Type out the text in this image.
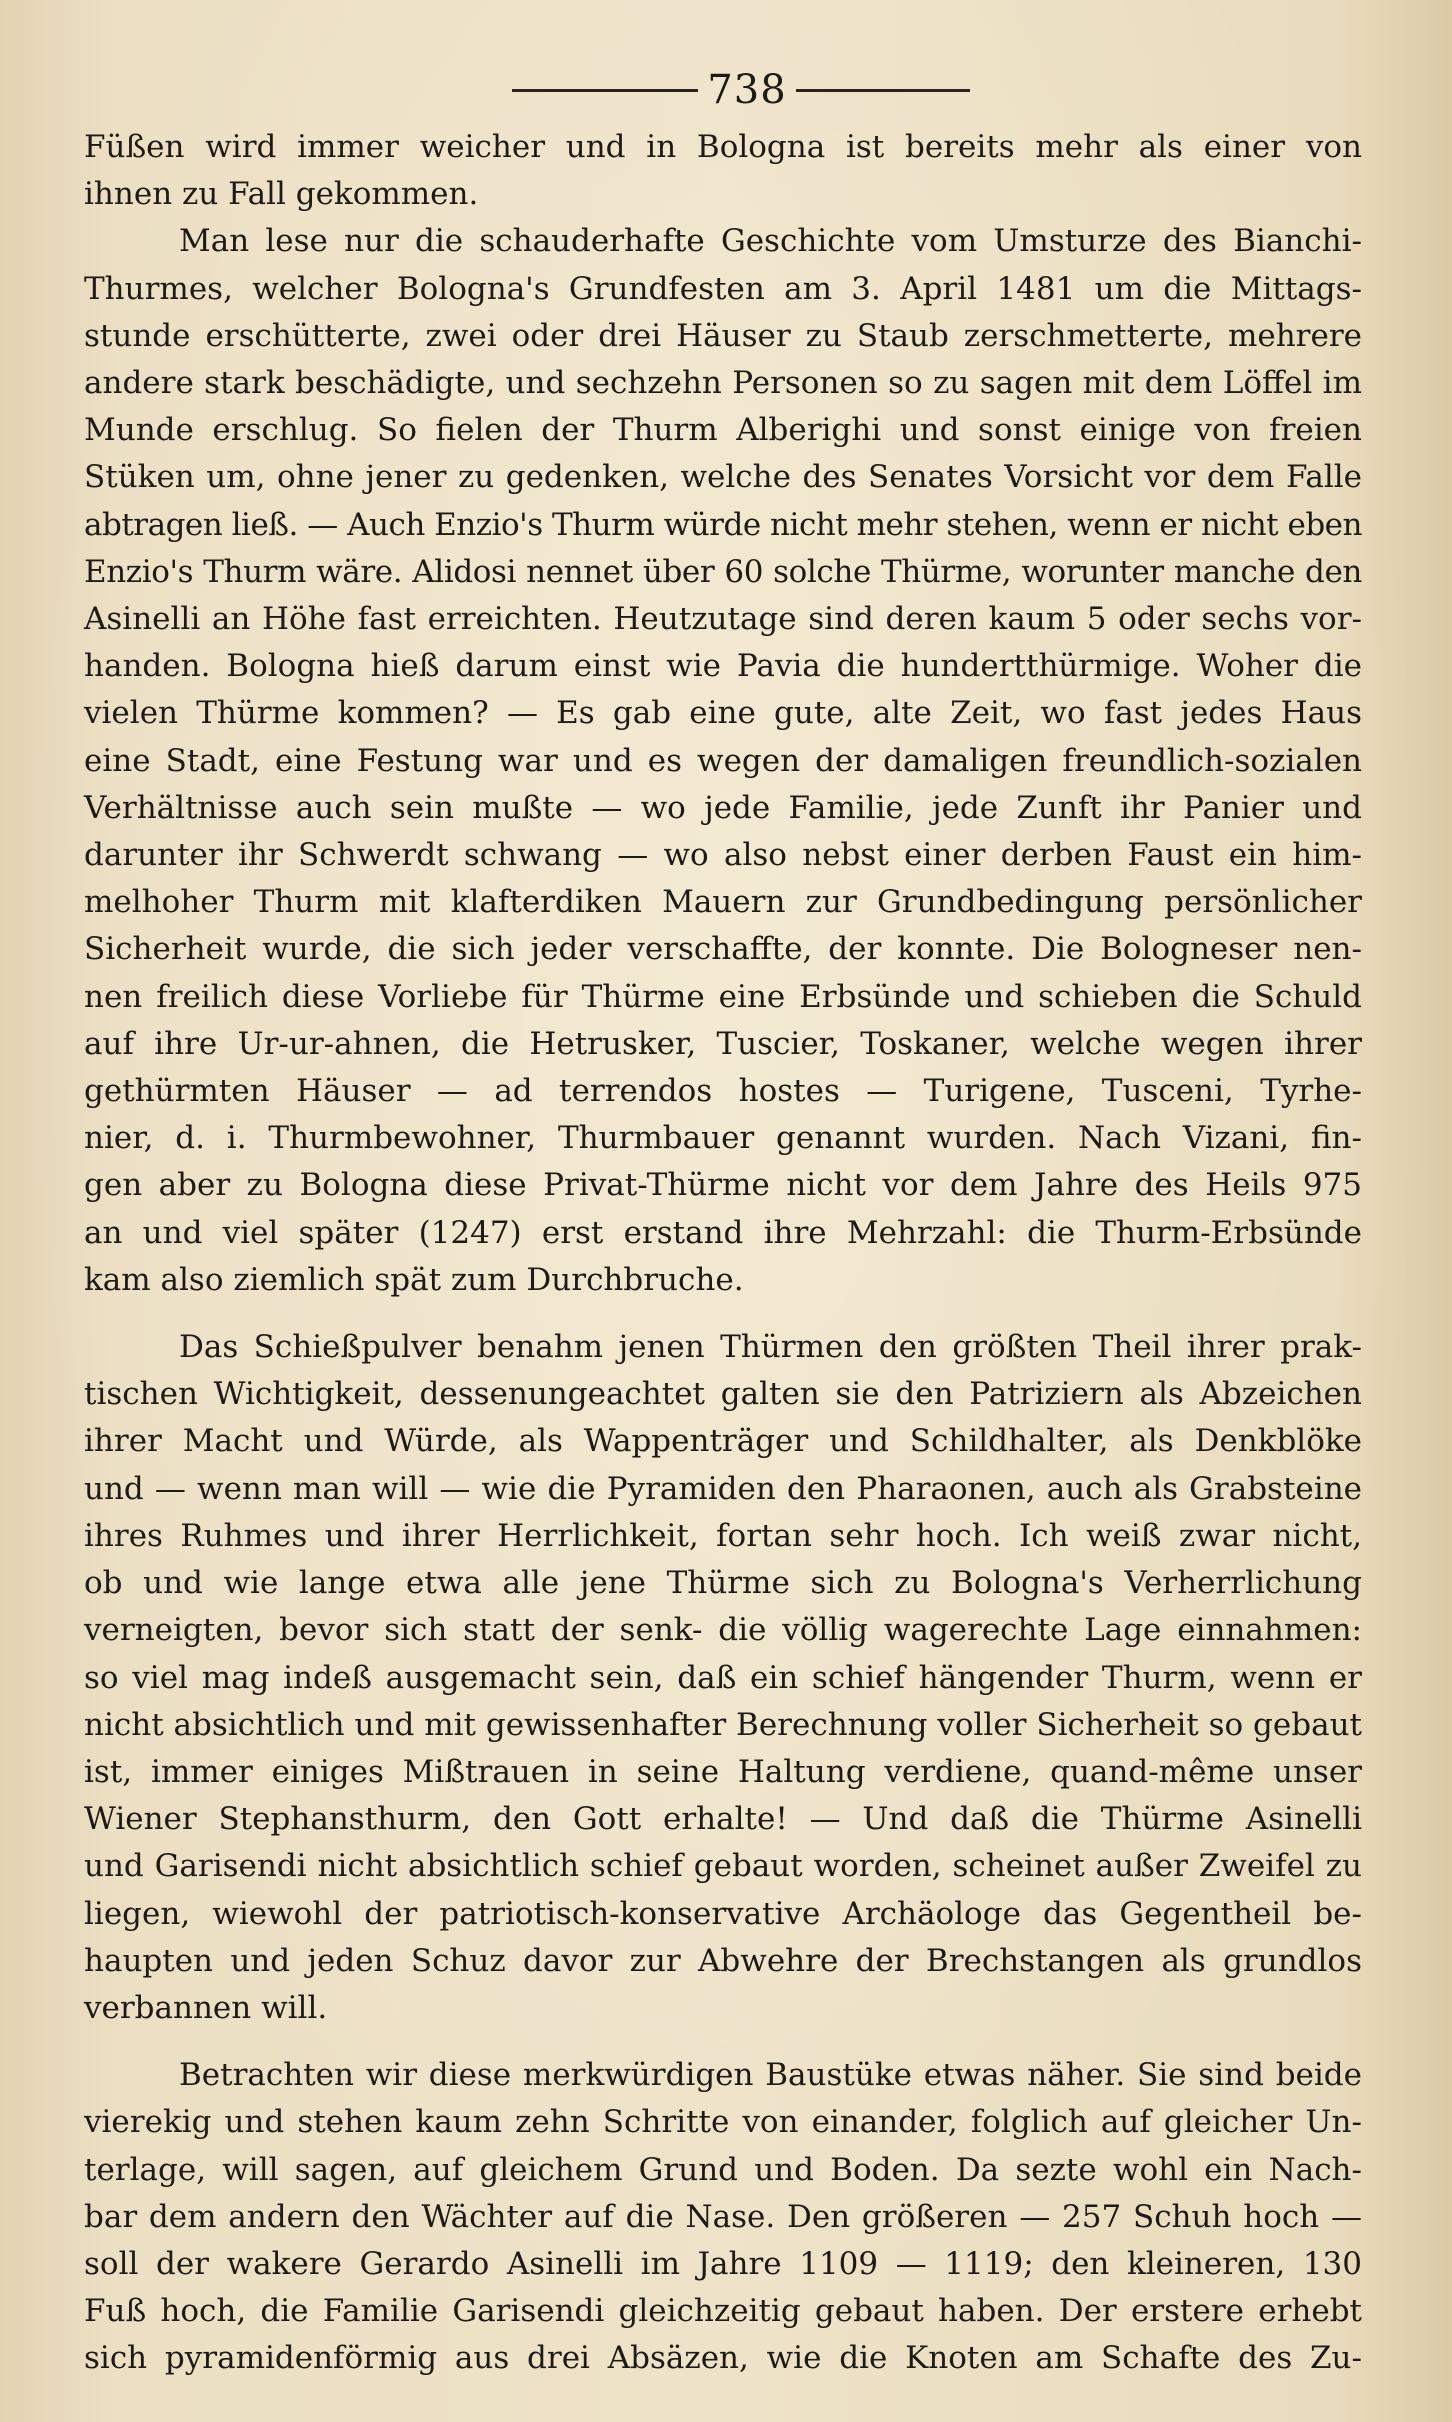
738

Füßen wird immer weicher und in Bologna ist bereits mehr als einer von
ihnen zu Fall gekommen.

Man lese nur die schauderhafte Geschichte vom Umsturze des Bianchi-
Thurmes, welcher Bologna's Grundfesten am 3. April 1481 um die Mittags-
stunde erschütterte, zwei oder drei Häuser zu Staub zerschmetterte, mehrere
andere stark beschädigte, und sechzehn Personen so zu sagen mit dem Löffel im
Munde erschlug. So fielen der Thurm Alberighi und sonst einige von freien
Stüken um, ohne jener zu gedenken, welche des Senates Vorsicht vor dem Falle
abtragen ließ. — Auch Enzio's Thurm würde nicht mehr stehen, wenn er nicht eben
Enzio's Thurm wäre. Alidosi nennet über 60 solche Thürme, worunter manche den
Asinelli an Höhe fast erreichten. Heutzutage sind deren kaum 5 oder sechs vor-
handen. Bologna hieß darum einst wie Pavia die hundertthürmige. Woher die
vielen Thürme kommen? — Es gab eine gute, alte Zeit, wo fast jedes Haus
eine Stadt, eine Festung war und es wegen der damaligen freundlich-sozialen
Verhältnisse auch sein mußte — wo jede Familie, jede Zunft ihr Panier und
darunter ihr Schwerdt schwang — wo also nebst einer derben Faust ein him-
melhoher Thurm mit klafterdiken Mauern zur Grundbedingung persönlicher
Sicherheit wurde, die sich jeder verschaffte, der konnte. Die Bologneser nen-
nen freilich diese Vorliebe für Thürme eine Erbsünde und schieben die Schuld
auf ihre Ur-ur-ahnen, die Hetrusker, Tuscier, Toskaner, welche wegen ihrer
gethürmten Häuser — ad terrendos hostes — Turigene, Tusceni, Tyrhe-
nier, d. i. Thurmbewohner, Thurmbauer genannt wurden. Nach Vizani, fin-
gen aber zu Bologna diese Privat-Thürme nicht vor dem Jahre des Heils 975
an und viel später (1247) erst erstand ihre Mehrzahl: die Thurm-Erbsünde
kam also ziemlich spät zum Durchbruche.

Das Schießpulver benahm jenen Thürmen den größten Theil ihrer prak-
tischen Wichtigkeit, dessenungeachtet galten sie den Patriziern als Abzeichen
ihrer Macht und Würde, als Wappenträger und Schildhalter, als Denkblöke
und — wenn man will — wie die Pyramiden den Pharaonen, auch als Grabsteine
ihres Ruhmes und ihrer Herrlichkeit, fortan sehr hoch. Ich weiß zwar nicht,
ob und wie lange etwa alle jene Thürme sich zu Bologna's Verherrlichung
verneigten, bevor sich statt der senk- die völlig wagerechte Lage einnahmen:
so viel mag indeß ausgemacht sein, daß ein schief hängender Thurm, wenn er
nicht absichtlich und mit gewissenhafter Berechnung voller Sicherheit so gebaut
ist, immer einiges Mißtrauen in seine Haltung verdiene, quand-même unser
Wiener Stephansthurm, den Gott erhalte! — Und daß die Thürme Asinelli
und Garisendi nicht absichtlich schief gebaut worden, scheinet außer Zweifel zu
liegen, wiewohl der patriotisch-konservative Archäologe das Gegentheil be-
haupten und jeden Schuz davor zur Abwehre der Brechstangen als grundlos
verbannen will.

Betrachten wir diese merkwürdigen Baustüke etwas näher. Sie sind beide
vierekig und stehen kaum zehn Schritte von einander, folglich auf gleicher Un-
terlage, will sagen, auf gleichem Grund und Boden. Da sezte wohl ein Nach-
bar dem andern den Wächter auf die Nase. Den größeren — 257 Schuh hoch —
soll der wakere Gerardo Asinelli im Jahre 1109 — 1119; den kleineren, 130
Fuß hoch, die Familie Garisendi gleichzeitig gebaut haben. Der erstere erhebt
sich pyramidenförmig aus drei Absäzen, wie die Knoten am Schafte des Zu-
